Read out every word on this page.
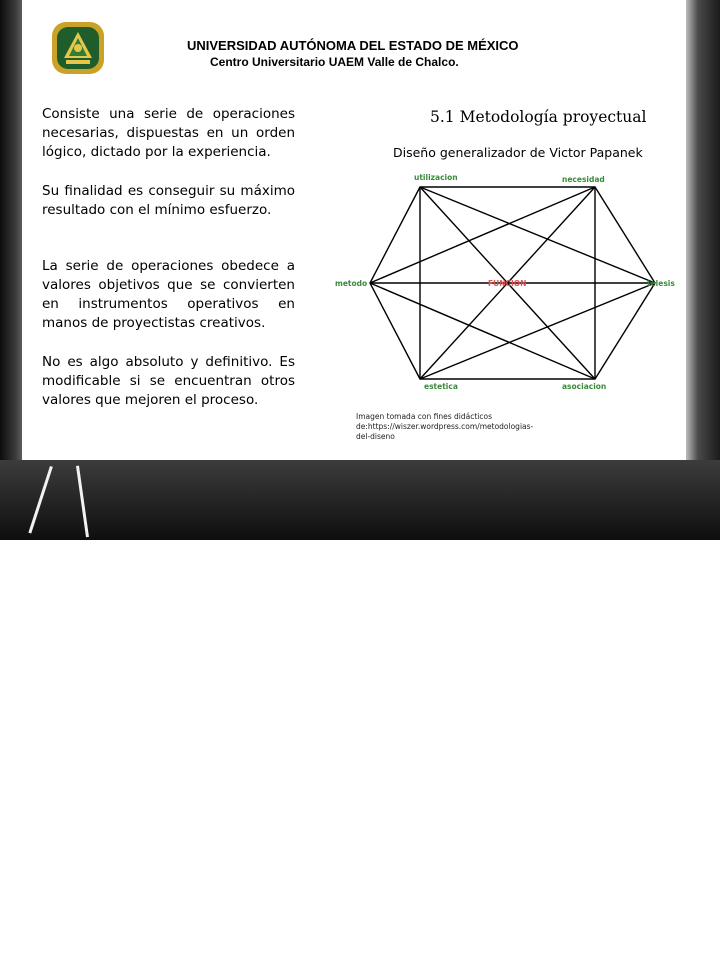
Comprensión del método
para el diseño Industrial
UNIVERSIDAD AUTÓNOMA DEL ESTADO DE MÉXICO
Centro Universitario UAEM Valle de Chalco.
Consiste una serie de operaciones necesarias, dispuestas en un orden lógico, dictado por la experiencia.
Su finalidad es conseguir su máximo resultado con el mínimo esfuerzo.
La serie de operaciones obedece a valores objetivos que se convierten en instrumentos operativos en manos de proyectistas creativos.
No es algo absoluto y definitivo. Es modificable si se encuentran otros valores que mejoren el proceso.
5.1 Metodología proyectual
Diseño generalizador de Victor Papanek
utilizacion	necesidad
telesis
asociacion
estetica
metodo	FUNCION
Imagen tomada con fines didácticos
de:https://wiszer.wordpress.com/metodologias-
del-diseno
